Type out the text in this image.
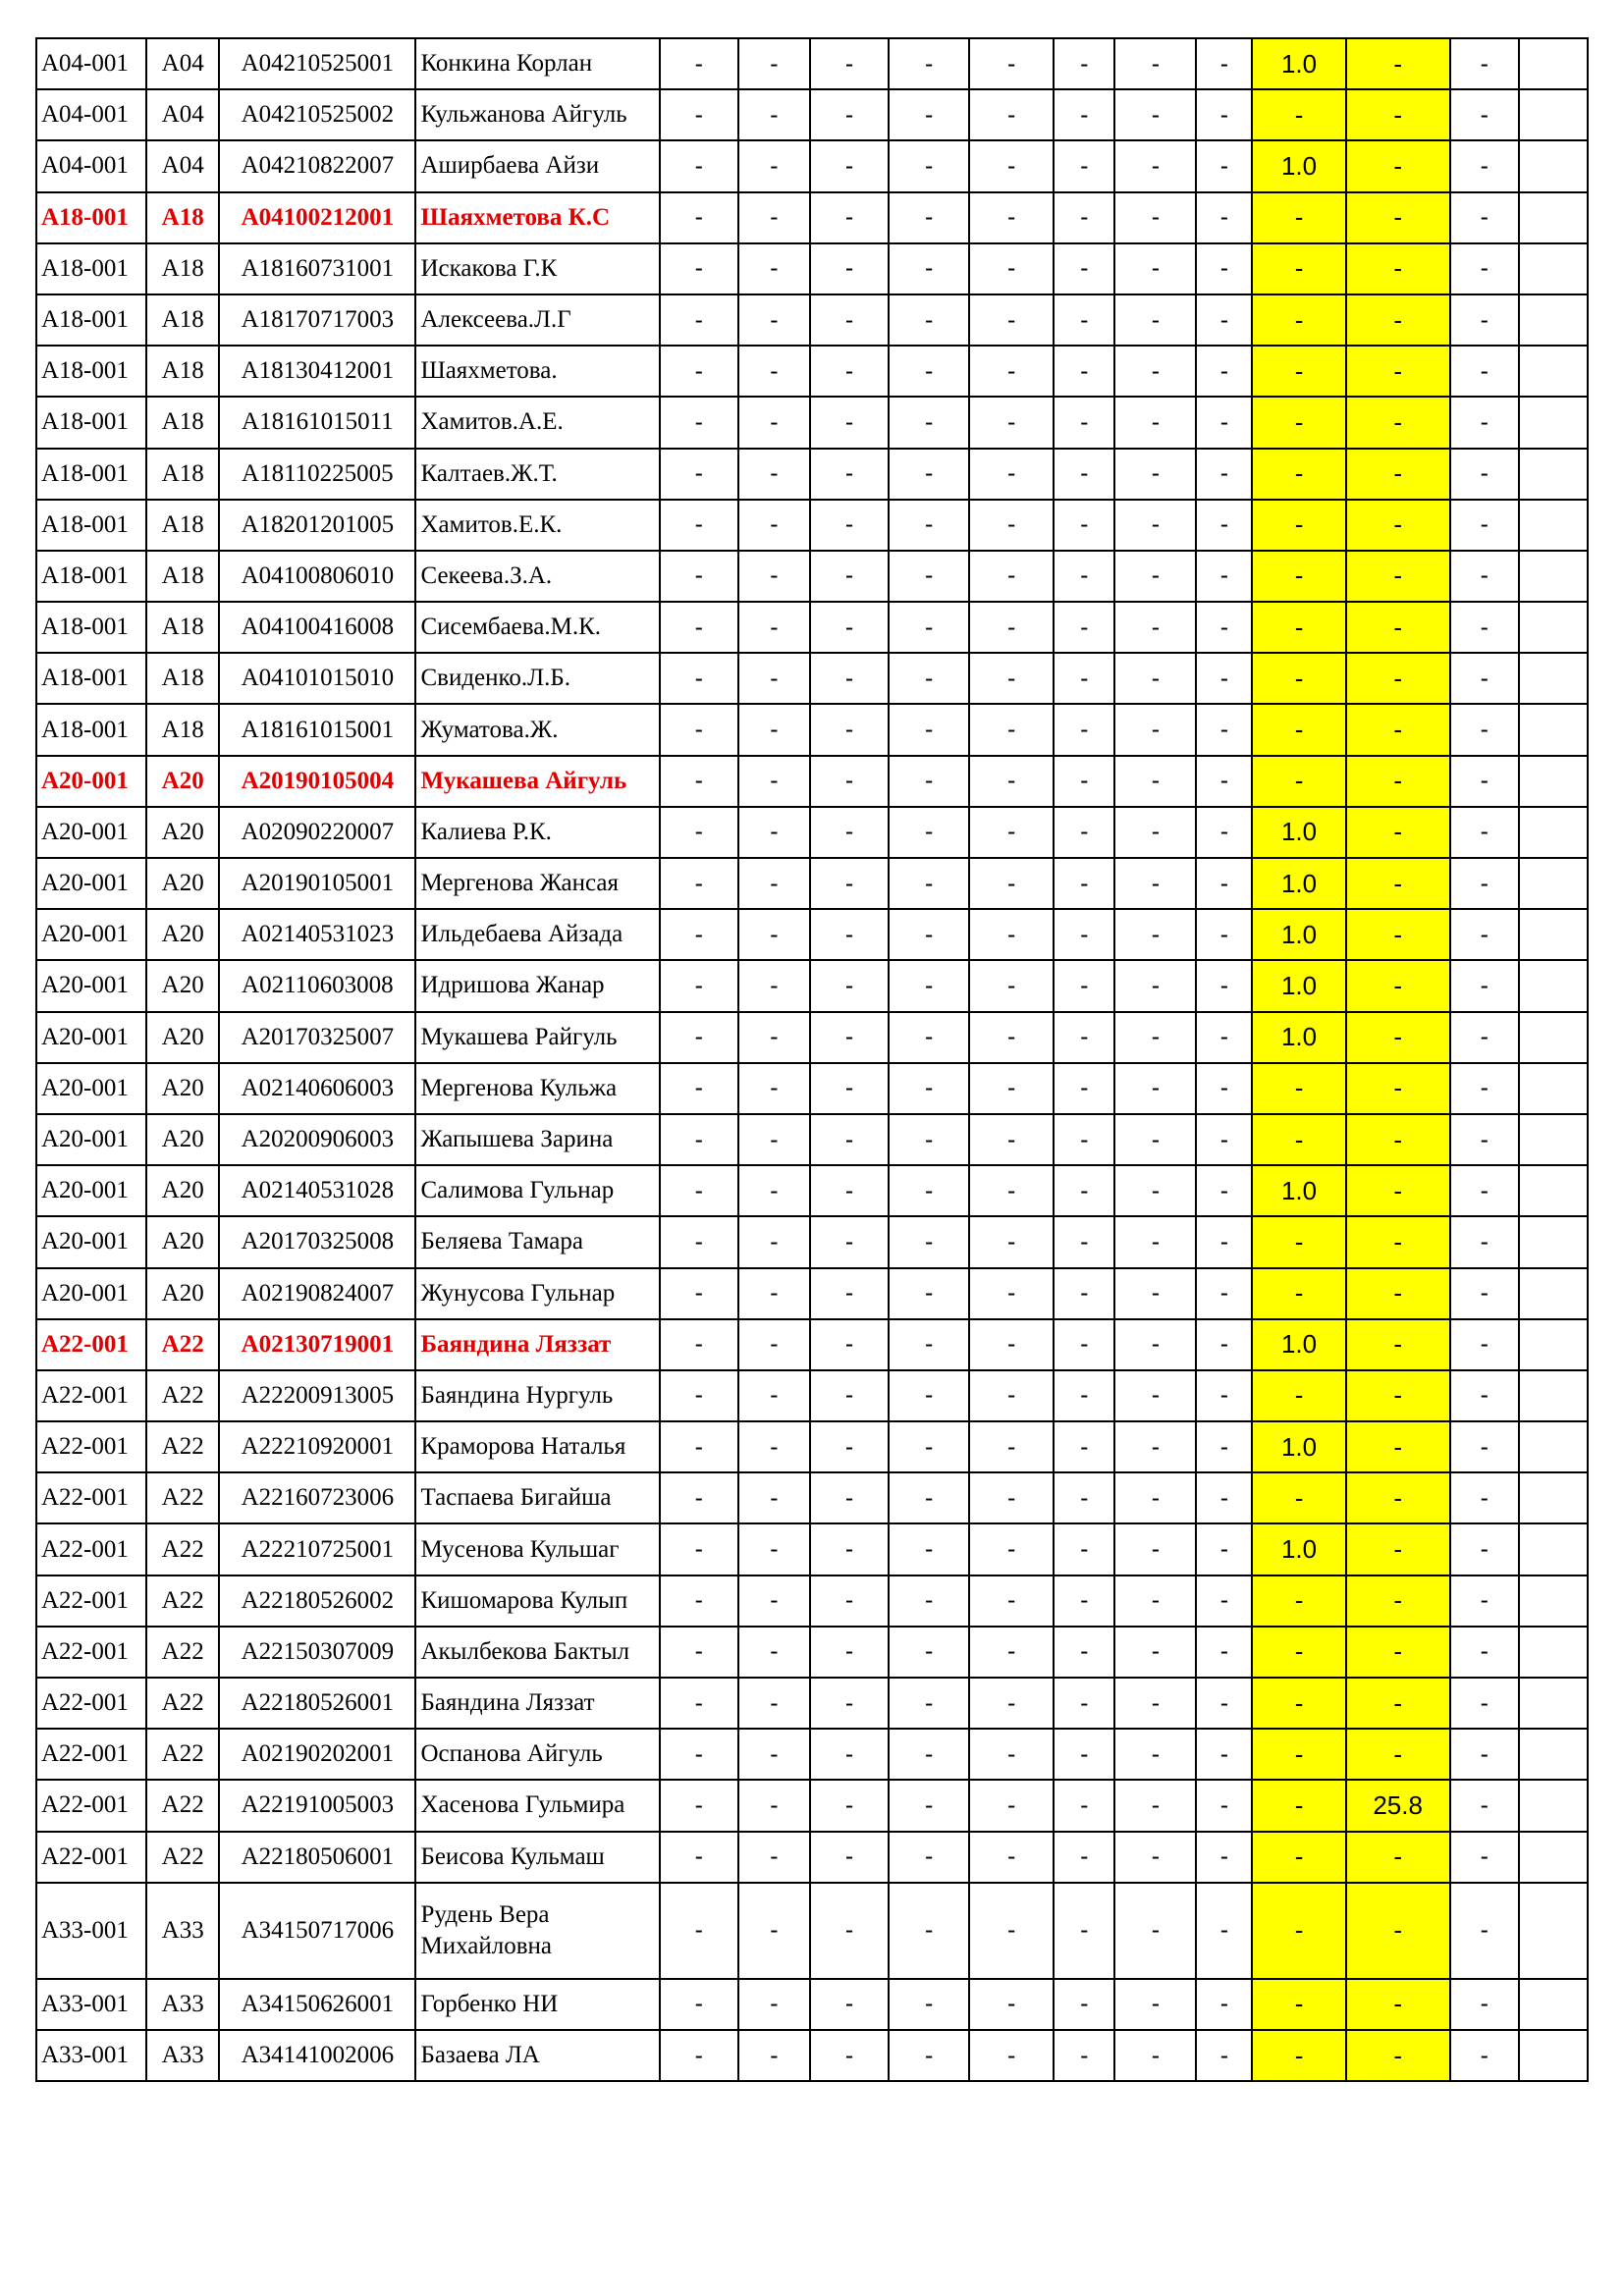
A04-001	A04	A04210525001	Конкина Корлан	-	-	-	-	-	-	-	-	1.0	-	-	
A04-001	A04	A04210525002	Кульжанова Айгуль	-	-	-	-	-	-	-	-	-	-	-	
A04-001	A04	A04210822007	Аширбаева Айзи	-	-	-	-	-	-	-	-	1.0	-	-	
A18-001	A18	A04100212001	Шаяхметова К.С	-	-	-	-	-	-	-	-	-	-	-	
A18-001	A18	A18160731001	Искакова Г.К	-	-	-	-	-	-	-	-	-	-	-	
A18-001	A18	A18170717003	Алексеева.Л.Г	-	-	-	-	-	-	-	-	-	-	-	
A18-001	A18	A18130412001	Шаяхметова.	-	-	-	-	-	-	-	-	-	-	-	
A18-001	A18	A18161015011	Хамитов.А.Е.	-	-	-	-	-	-	-	-	-	-	-	
A18-001	A18	A18110225005	Калтаев.Ж.Т.	-	-	-	-	-	-	-	-	-	-	-	
A18-001	A18	A18201201005	Хамитов.Е.К.	-	-	-	-	-	-	-	-	-	-	-	
A18-001	A18	A04100806010	Секеева.З.А.	-	-	-	-	-	-	-	-	-	-	-	
A18-001	A18	A04100416008	Сисембаева.М.К.	-	-	-	-	-	-	-	-	-	-	-	
A18-001	A18	A04101015010	Свиденко.Л.Б.	-	-	-	-	-	-	-	-	-	-	-	
A18-001	A18	A18161015001	Жуматова.Ж.	-	-	-	-	-	-	-	-	-	-	-	
A20-001	A20	A20190105004	Мукашева Айгуль	-	-	-	-	-	-	-	-	-	-	-	
A20-001	A20	A02090220007	Калиева Р.К.	-	-	-	-	-	-	-	-	1.0	-	-	
A20-001	A20	A20190105001	Мергенова Жансая	-	-	-	-	-	-	-	-	1.0	-	-	
A20-001	A20	A02140531023	Ильдебаева Айзада	-	-	-	-	-	-	-	-	1.0	-	-	
A20-001	A20	A02110603008	Идришова Жанар	-	-	-	-	-	-	-	-	1.0	-	-	
A20-001	A20	A20170325007	Мукашева Райгуль	-	-	-	-	-	-	-	-	1.0	-	-	
A20-001	A20	A02140606003	Мергенова Кульжа	-	-	-	-	-	-	-	-	-	-	-	
A20-001	A20	A20200906003	Жапышева Зарина	-	-	-	-	-	-	-	-	-	-	-	
A20-001	A20	A02140531028	Салимова Гульнар	-	-	-	-	-	-	-	-	1.0	-	-	
A20-001	A20	A20170325008	Беляева Тамара	-	-	-	-	-	-	-	-	-	-	-	
A20-001	A20	A02190824007	Жунусова Гульнар	-	-	-	-	-	-	-	-	-	-	-	
A22-001	A22	A02130719001	Баяндина Ляззат	-	-	-	-	-	-	-	-	1.0	-	-	
A22-001	A22	A22200913005	Баяндина Нургуль	-	-	-	-	-	-	-	-	-	-	-	
A22-001	A22	A22210920001	Краморова Наталья	-	-	-	-	-	-	-	-	1.0	-	-	
A22-001	A22	A22160723006	Таспаева Бигайша	-	-	-	-	-	-	-	-	-	-	-	
A22-001	A22	A22210725001	Мусенова Кульшаг	-	-	-	-	-	-	-	-	1.0	-	-	
A22-001	A22	A22180526002	Кишомарова Кулып	-	-	-	-	-	-	-	-	-	-	-	
A22-001	A22	A22150307009	Акылбекова Бактыл	-	-	-	-	-	-	-	-	-	-	-	
A22-001	A22	A22180526001	Баяндина Ляззат	-	-	-	-	-	-	-	-	-	-	-	
A22-001	A22	A02190202001	Оспанова Айгуль	-	-	-	-	-	-	-	-	-	-	-	
A22-001	A22	A22191005003	Хасенова Гульмира	-	-	-	-	-	-	-	-	-	25.8	-	
A22-001	A22	A22180506001	Беисова Кульмаш	-	-	-	-	-	-	-	-	-	-	-	
A33-001	A33	A34150717006	Рудень Вера Михайловна	-	-	-	-	-	-	-	-	-	-	-	
A33-001	A33	A34150626001	Горбенко НИ	-	-	-	-	-	-	-	-	-	-	-	
A33-001	A33	A34141002006	Базаева ЛА	-	-	-	-	-	-	-	-	-	-	-	
